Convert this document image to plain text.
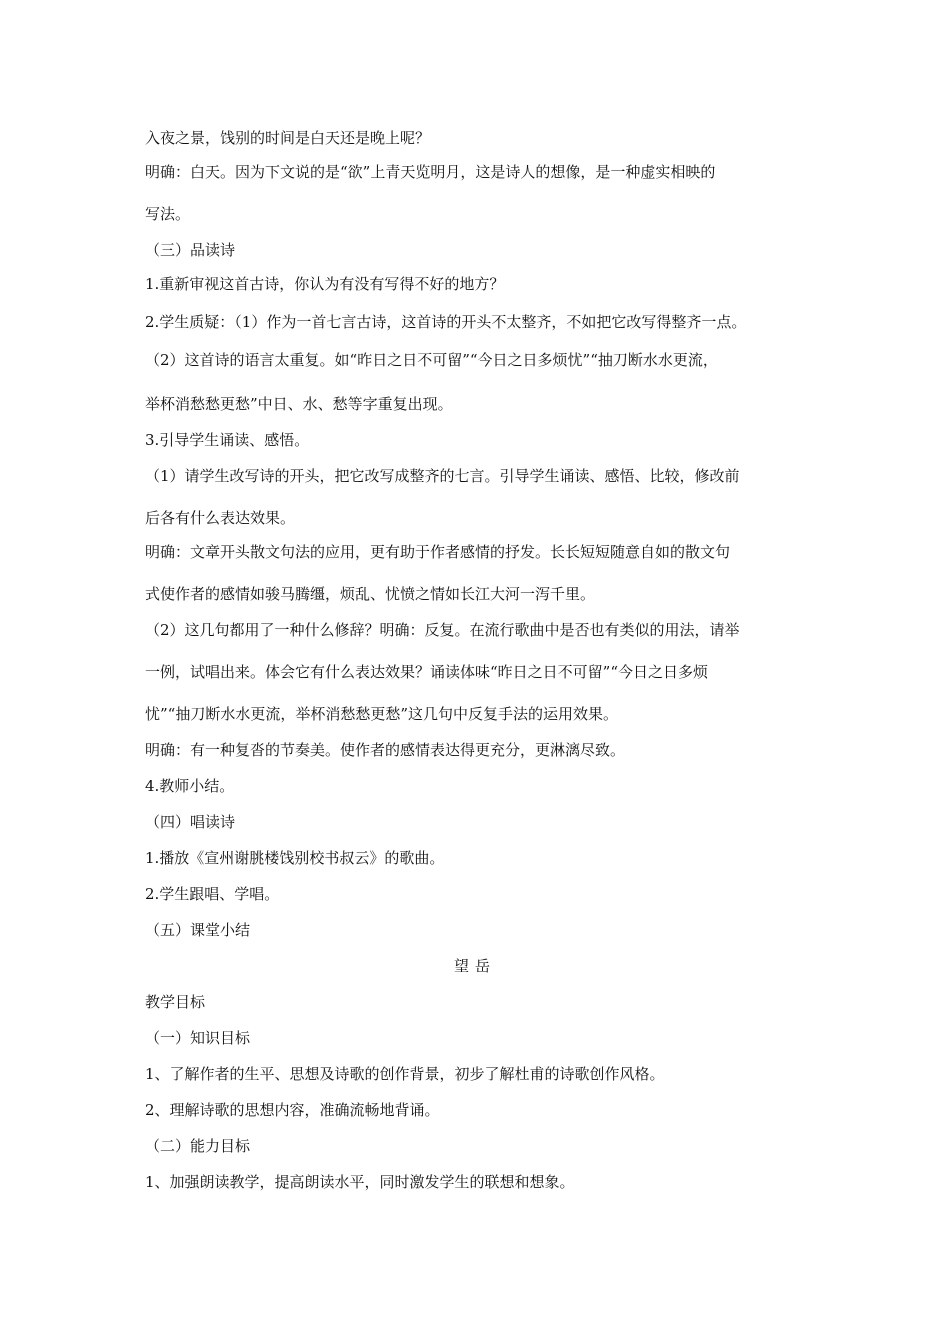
入夜之景，饯别的时间是白天还是晚上呢？
明确：白天。因为下文说的是“欲”上青天览明月，这是诗人的想像，是一种虚实相映的
写法。
（三）品读诗
1.重新审视这首古诗，你认为有没有写得不好的地方？
2.学生质疑：（1）作为一首七言古诗，这首诗的开头不太整齐，不如把它改写得整齐一点。
（2）这首诗的语言太重复。如“昨日之日不可留”“今日之日多烦忧”“抽刀断水水更流，
举杯消愁愁更愁”中日、水、愁等字重复出现。
3.引导学生诵读、感悟。
（1）请学生改写诗的开头，把它改写成整齐的七言。引导学生诵读、感悟、比较，修改前
后各有什么表达效果。
明确：文章开头散文句法的应用，更有助于作者感情的抒发。长长短短随意自如的散文句
式使作者的感情如骏马腾缰，烦乱、忧愤之情如长江大河一泻千里。
（2）这几句都用了一种什么修辞？明确：反复。在流行歌曲中是否也有类似的用法，请举
一例，试唱出来。体会它有什么表达效果？诵读体味“昨日之日不可留”“今日之日多烦
忧”“抽刀断水水更流，举杯消愁愁更愁”这几句中反复手法的运用效果。
明确：有一种复沓的节奏美。使作者的感情表达得更充分，更淋漓尽致。
4.教师小结。
（四）唱读诗
1.播放《宣州谢朓楼饯别校书叔云》的歌曲。
2.学生跟唱、学唱。
（五）课堂小结
望岳
教学目标
（一）知识目标
1、了解作者的生平、思想及诗歌的创作背景，初步了解杜甫的诗歌创作风格。
2、理解诗歌的思想内容，准确流畅地背诵。
（二）能力目标
1、加强朗读教学，提高朗读水平，同时激发学生的联想和想象。
